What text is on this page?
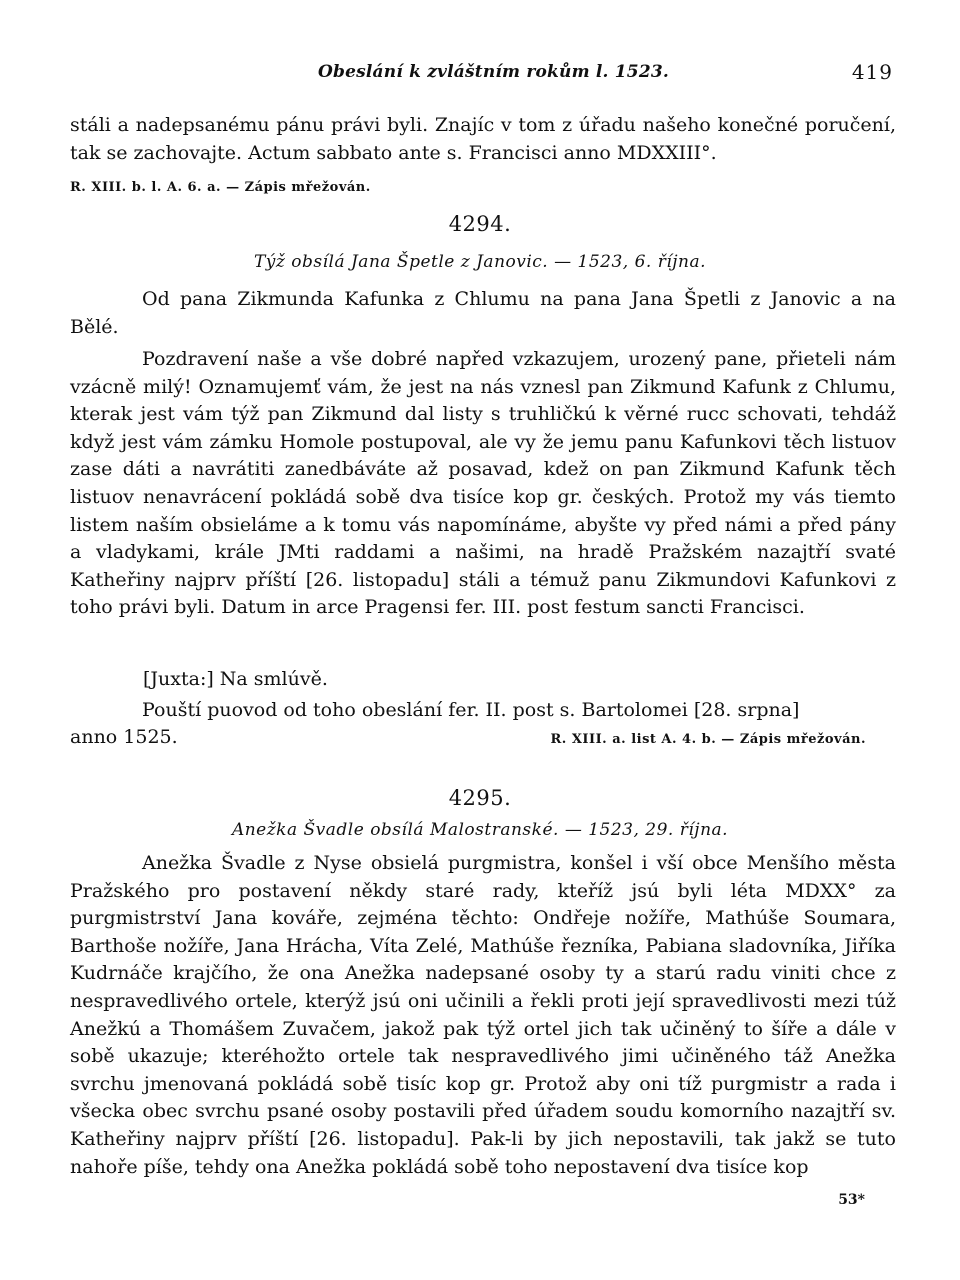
Obeslání k zvláštním rokům l. 1523.	419

stáli a nadepsanému pánu právi byli. Znajíc v tom z úřadu našeho konečné poručení, tak se zachovajte. Actum sabbato ante s. Francisci anno MDXXIII°.

R. XIII. b. l. A. 6. a. — Zápis mřežován.
4294.
Týž obsílá Jana Špetle z Janovic. — 1523, 6. října.

Od pana Zikmunda Kafunka z Chlumu na pana Jana Špetli z Janovic a na Bělé.

Pozdravení naše a vše dobré napřed vzkazujem, urozený pane, přieteli nám vzácně milý! Oznamujemť vám, že jest na nás vznesl pan Zikmund Kafunk z Chlumu, kterak jest vám týž pan Zikmund dal listy s truhličkú k věrné rucc schovati, tehdáž když jest vám zámku Homole postupoval, ale vy že jemu panu Kafunkovi těch listuov zase dáti a navrátiti zanedbáváte až posavad, kdež on pan Zikmund Kafunk těch listuov nenavrácení pokládá sobě dva tisíce kop gr. českých. Protož my vás tiemto listem naším obsieláme a k tomu vás napomínáme, abyšte vy před námi a před pány a vladykami, krále JMti raddami a našimi, na hradě Pražském nazajtří svaté Katheřiny najprv příští [26. listopadu] stáli a témuž panu Zikmundovi Kafunkovi z toho právi byli. Datum in arce Pragensi fer. III. post festum sancti Francisci.

[Juxta:] Na smlúvě.

Pouští puovod od toho obeslání fer. II. post s. Bartolomei [28. srpna]

anno 1525.	R. XIII. a. list A. 4. b. — Zápis mřežován.
4295.
Anežka Švadle obsílá Malostranské. — 1523, 29. října.

Anežka Švadle z Nyse obsielá purgmistra, konšel i vší obce Menšího města Pražského pro postavení někdy staré rady, kteříž jsú byli léta MDXX° za purgmistrství Jana kováře, zejména těchto: Ondřeje nožíře, Mathúše Soumara, Barthoše nožíře, Jana Hrácha, Víta Zelé, Mathúše řezníka, Pabiana sladovníka, Jiříka Kudrnáče krajčího, že ona Anežka nadepsané osoby ty a starú radu viniti chce z nespravedlivého ortele, kterýž jsú oni učinili a řekli proti její spravedlivosti mezi túž Anežkú a Thomášem Zuvačem, jakož pak týž ortel jich tak učiněný to šíře a dále v sobě ukazuje; kteréhožto ortele tak nespravedlivého jimi učiněného táž Anežka svrchu jmenovaná pokládá sobě tisíc kop gr. Protož aby oni tíž purgmistr a rada i všecka obec svrchu psané osoby postavili před úřadem soudu komorního nazajtří sv. Katheřiny najprv příští [26. listopadu]. Pak-li by jich nepostavili, tak jakž se tuto nahoře píše, tehdy ona Anežka pokládá sobě toho nepostavení dva tisíce kop

53*
